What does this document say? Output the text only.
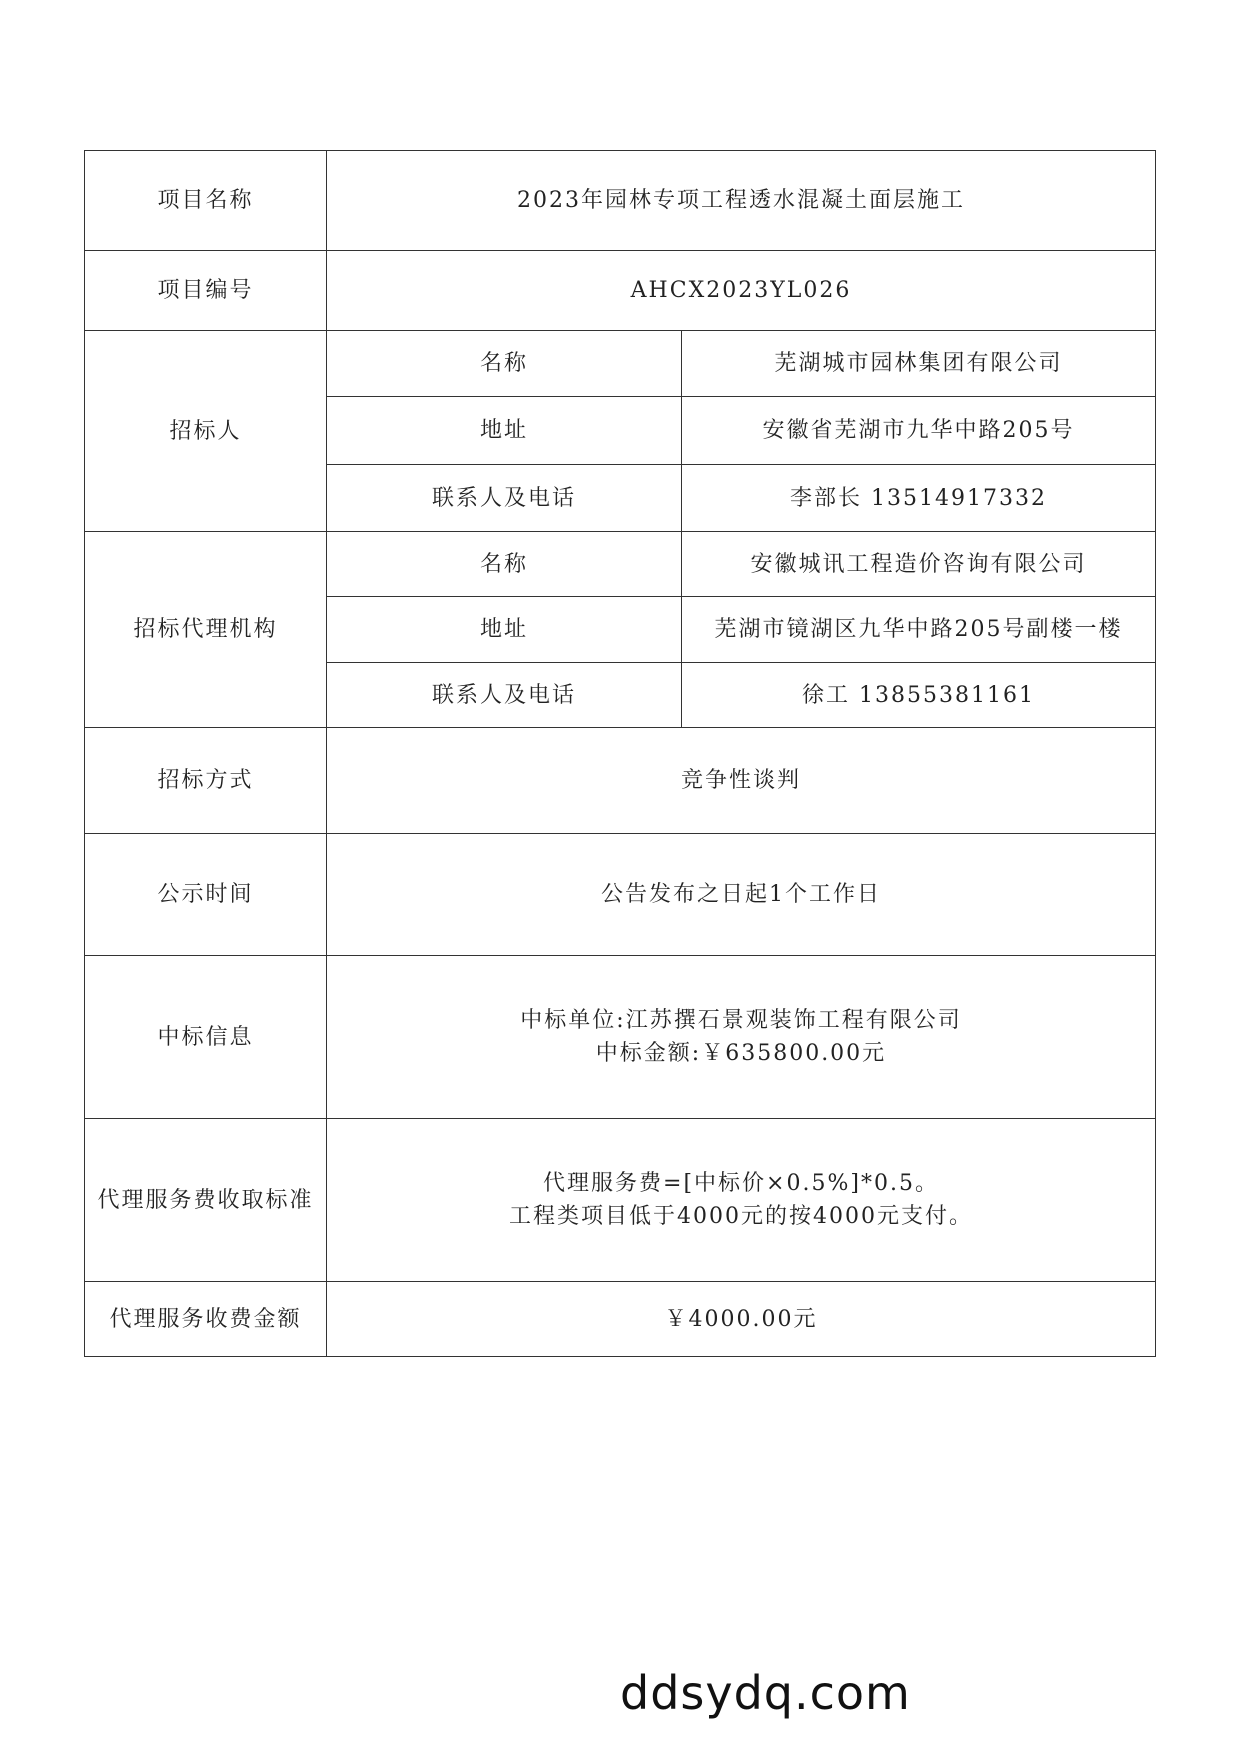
项目名称	2023年园林专项工程透水混凝土面层施工	
项目编号	AHCX2023YL026	
招标人	名称	芜湖城市园林集团有限公司
	地址	安徽省芜湖市九华中路205号
	联系人及电话	李部长 13514917332
招标代理机构	名称	安徽城讯工程造价咨询有限公司
	地址	芜湖市镜湖区九华中路205号副楼一楼
	联系人及电话	徐工 13855381161
招标方式	竞争性谈判	
公示时间	公告发布之日起1个工作日	
中标信息	中标单位:江苏撰石景观装饰工程有限公司
中标金额:￥635800.00元	

代理服务费收取标准	代理服务费=[中标价×0.5%]*0.5。
工程类项目低于4000元的按4000元支付。	

代理服务收费金额	￥4000.00元	
ddsydq.com
